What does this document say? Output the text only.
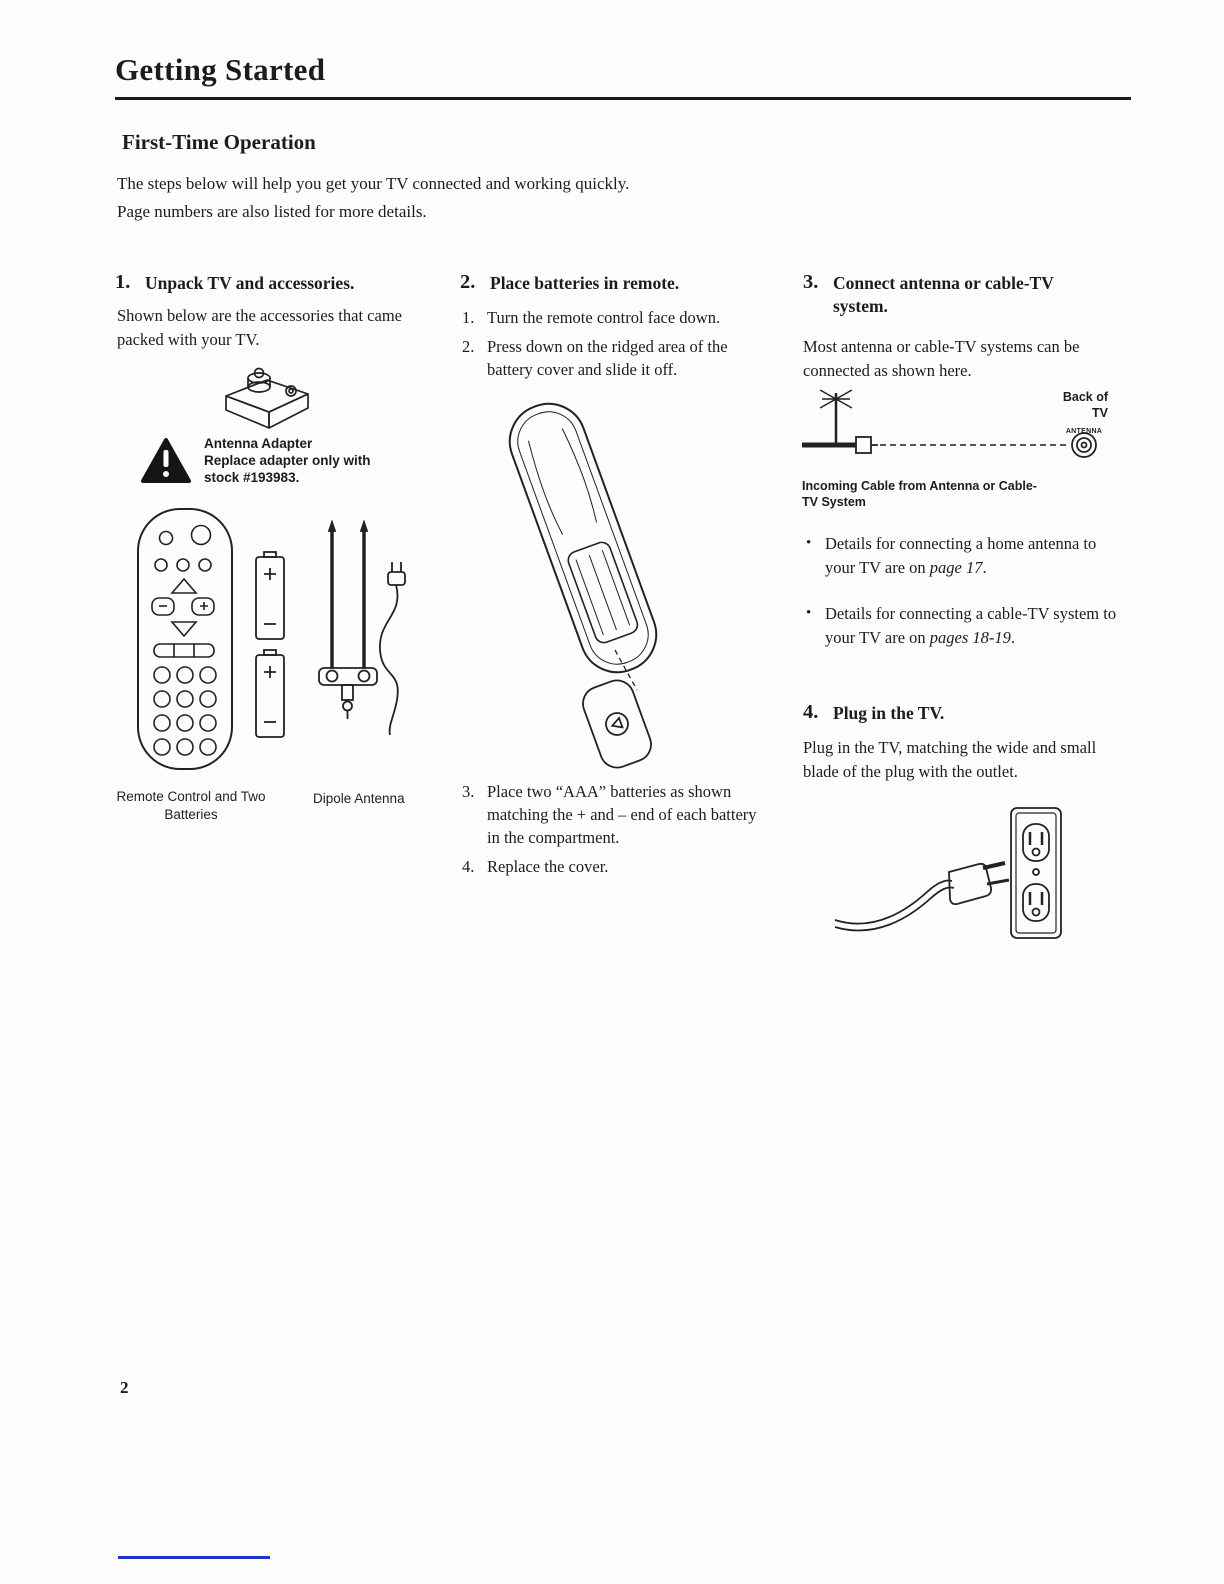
Getting Started
First-Time Operation
The steps below will help you get your TV connected and working quickly.
Page numbers are also listed for more details.
1. Unpack TV and accessories.
Shown below are the accessories that came packed with your TV.
Antenna Adapter
Replace adapter only with
stock #193983.
Remote Control and Two Batteries
Dipole Antenna
2. Place batteries in remote.
1. Turn the remote control face down.
2. Press down on the ridged area of the battery cover and slide it off.
3. Place two “AAA” batteries as shown matching the + and – end of each battery in the compartment.
4. Replace the cover.
3. Connect antenna or cable-TV system.
Most antenna or cable-TV systems can be connected as shown here.
Back of TV
ANTENNA
Incoming Cable from Antenna or Cable-TV System
• Details for connecting a home antenna to your TV are on page 17.
• Details for connecting a cable-TV system to your TV are on pages 18-19.
4. Plug in the TV.
Plug in the TV, matching the wide and small blade of the plug with the outlet.
2
